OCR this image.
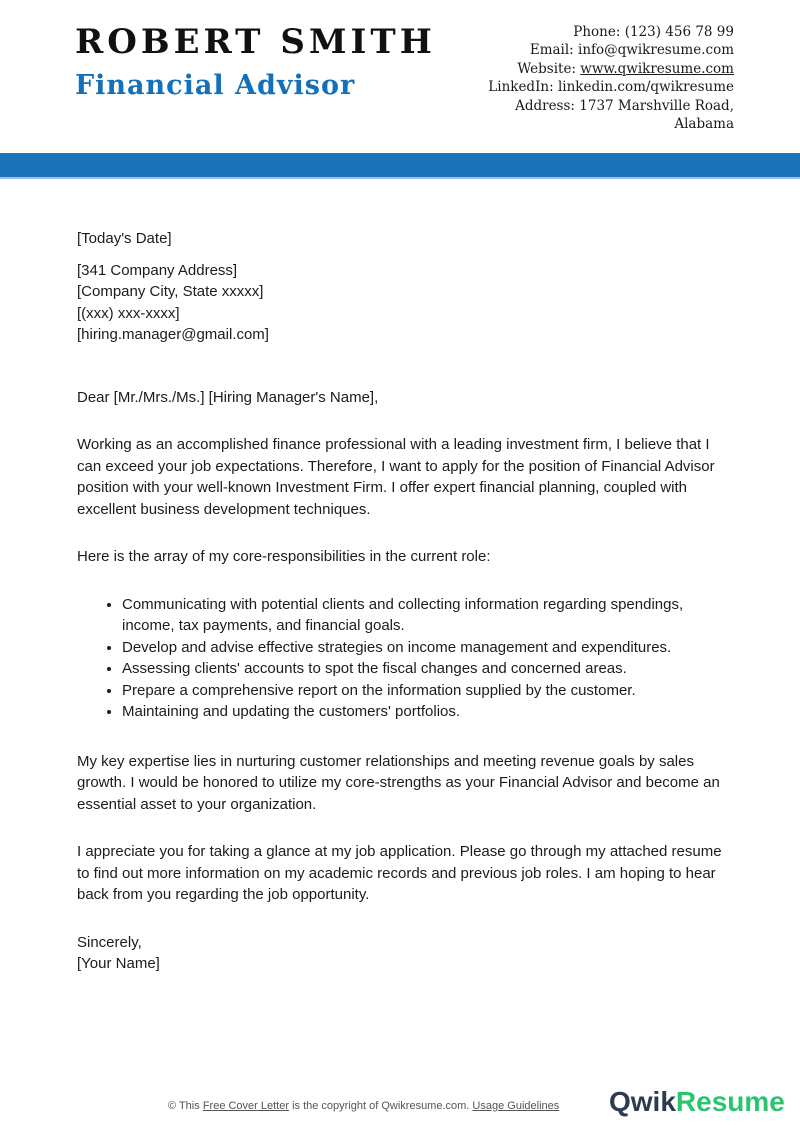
ROBERT SMITH
Financial Advisor
Phone: (123) 456 78 99
Email: info@qwikresume.com
Website: www.qwikresume.com
LinkedIn: linkedin.com/qwikresume
Address: 1737 Marshville Road,
Alabama
[Today's Date]
[341 Company Address]
[Company City, State xxxxx]
[(xxx) xxx-xxxx]
[hiring.manager@gmail.com]

Dear [Mr./Mrs./Ms.] [Hiring Manager's Name],

Working as an accomplished finance professional with a leading investment firm, I believe that I can exceed your job expectations. Therefore, I want to apply for the position of Financial Advisor position with your well-known Investment Firm. I offer expert financial planning, coupled with excellent business development techniques.

Here is the array of my core-responsibilities in the current role:

• Communicating with potential clients and collecting information regarding spendings, income, tax payments, and financial goals.
• Develop and advise effective strategies on income management and expenditures.
• Assessing clients' accounts to spot the fiscal changes and concerned areas.
• Prepare a comprehensive report on the information supplied by the customer.
• Maintaining and updating the customers' portfolios.

My key expertise lies in nurturing customer relationships and meeting revenue goals by sales growth. I would be honored to utilize my core-strengths as your Financial Advisor and become an essential asset to your organization.

I appreciate you for taking a glance at my job application. Please go through my attached resume to find out more information on my academic records and previous job roles. I am hoping to hear back from you regarding the job opportunity.

Sincerely,
[Your Name]
© This Free Cover Letter is the copyright of Qwikresume.com. Usage Guidelines QwikResume
